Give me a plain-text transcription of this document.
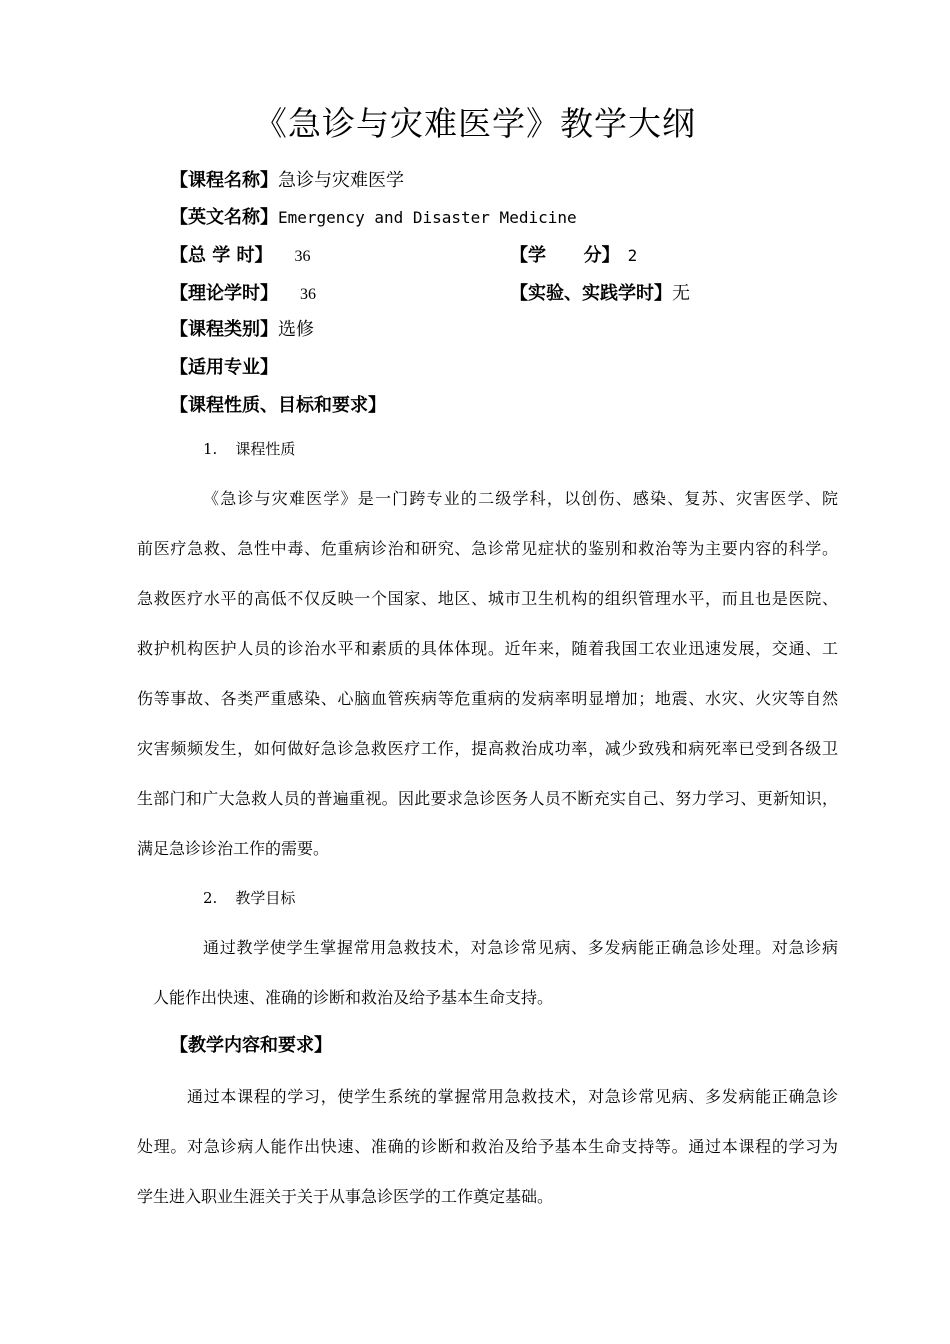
《急诊与灾难医学》教学大纲
【课程名称】急诊与灾难医学
【英文名称】Emergency and Disaster Medicine
【总 学 时】 36	【学      分】 2
【理论学时】 36	【实验、实践学时】无
【课程类别】选修
【适用专业】
【课程性质、目标和要求】
1. 课程性质
《急诊与灾难医学》是一门跨专业的二级学科，以创伤、感染、复苏、灾害医学、院
前医疗急救、急性中毒、危重病诊治和研究、急诊常见症状的鉴别和救治等为主要内容的科学。
急救医疗水平的高低不仅反映一个国家、地区、城市卫生机构的组织管理水平，而且也是医院、
救护机构医护人员的诊治水平和素质的具体体现。近年来，随着我国工农业迅速发展，交通、工
伤等事故、各类严重感染、心脑血管疾病等危重病的发病率明显增加；地震、水灾、火灾等自然
灾害频频发生，如何做好急诊急救医疗工作，提高救治成功率，减少致残和病死率已受到各级卫
生部门和广大急救人员的普遍重视。因此要求急诊医务人员不断充实自己、努力学习、更新知识，
满足急诊诊治工作的需要。
2. 教学目标
通过教学使学生掌握常用急救技术，对急诊常见病、多发病能正确急诊处理。对急诊病
人能作出快速、准确的诊断和救治及给予基本生命支持。
【教学内容和要求】
通过本课程的学习，使学生系统的掌握常用急救技术，对急诊常见病、多发病能正确急诊
处理。对急诊病人能作出快速、准确的诊断和救治及给予基本生命支持等。通过本课程的学习为
学生进入职业生涯关于关于从事急诊医学的工作奠定基础。
